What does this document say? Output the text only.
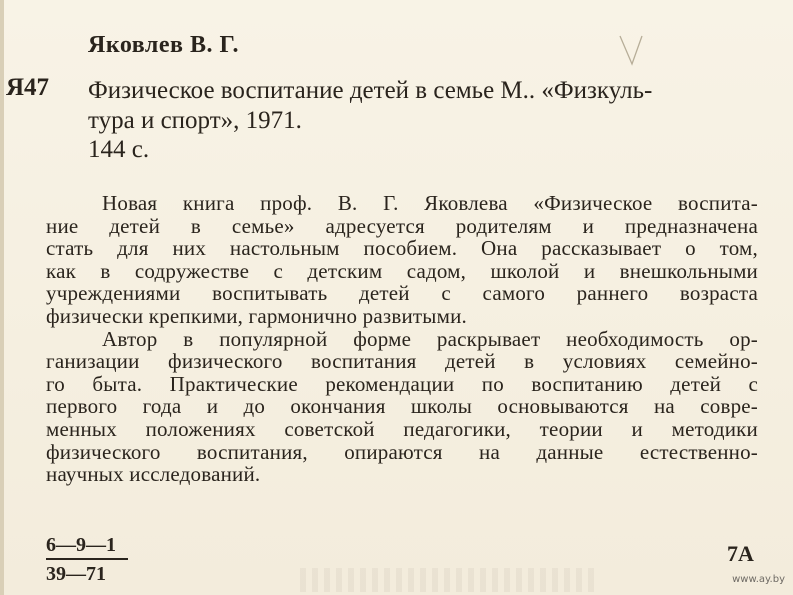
Яковлев В. Г.
Я47 Физическое воспитание детей в семье М.. «Физкуль-
тура и спорт», 1971.
144 с.
Новая книга проф. В. Г. Яковлева «Физическое воспита-
ние детей в семье» адресуется родителям и предназначена
стать для них настольным пособием. Она рассказывает о том,
как в содружестве с детским садом, школой и внешкольными
учреждениями воспитывать детей с самого раннего возраста
физически крепкими, гармонично развитыми.
Автор в популярной форме раскрывает необходимость ор-
ганизации физического воспитания детей в условиях семейно-
го быта. Практические рекомендации по воспитанию детей с
первого года и до окончания школы основываются на совре-
менных положениях советской педагогики, теории и методики
физического воспитания, опираются на данные естественно-
научных исследований.
6—9—1
39—71
7А
www.ay.by
